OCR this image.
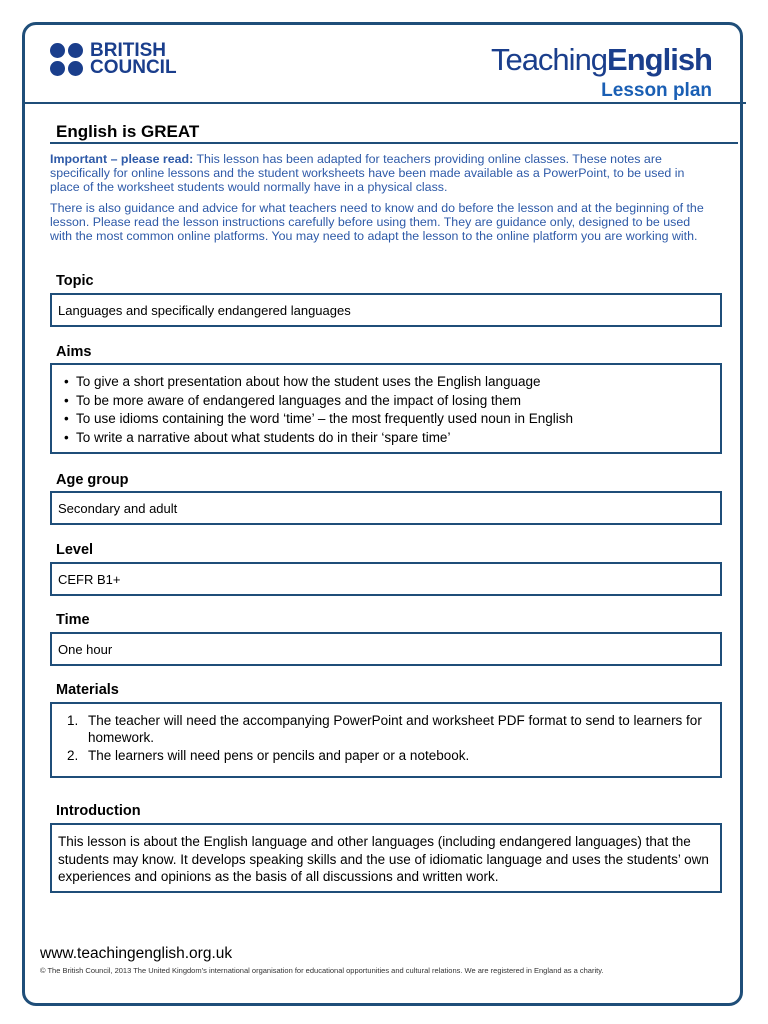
BRITISH
COUNCIL	TeachingEnglish
Lesson plan
English is GREAT
Important – please read: This lesson has been adapted for teachers providing online classes. These notes are specifically for online lessons and the student worksheets have been made available as a PowerPoint, to be used in place of the worksheet students would normally have in a physical class.
There is also guidance and advice for what teachers need to know and do before the lesson and at the beginning of the lesson. Please read the lesson instructions carefully before using them. They are guidance only, designed to be used with the most common online platforms. You may need to adapt the lesson to the online platform you are working with.
Topic
Languages and specifically endangered languages
Aims
• To give a short presentation about how the student uses the English language
• To be more aware of endangered languages and the impact of losing them
• To use idioms containing the word ‘time’ – the most frequently used noun in English
• To write a narrative about what students do in their ‘spare time’
Age group
Secondary and adult
Level
CEFR B1+
Time
One hour
Materials
1. The teacher will need the accompanying PowerPoint and worksheet PDF format to send to learners for homework.
2. The learners will need pens or pencils and paper or a notebook.
Introduction
This lesson is about the English language and other languages (including endangered languages) that the students may know. It develops speaking skills and the use of idiomatic language and uses the students’ own experiences and opinions as the basis of all discussions and written work.
www.teachingenglish.org.uk
© The British Council, 2013 The United Kingdom’s international organisation for educational opportunities and cultural relations. We are registered in England as a charity.
